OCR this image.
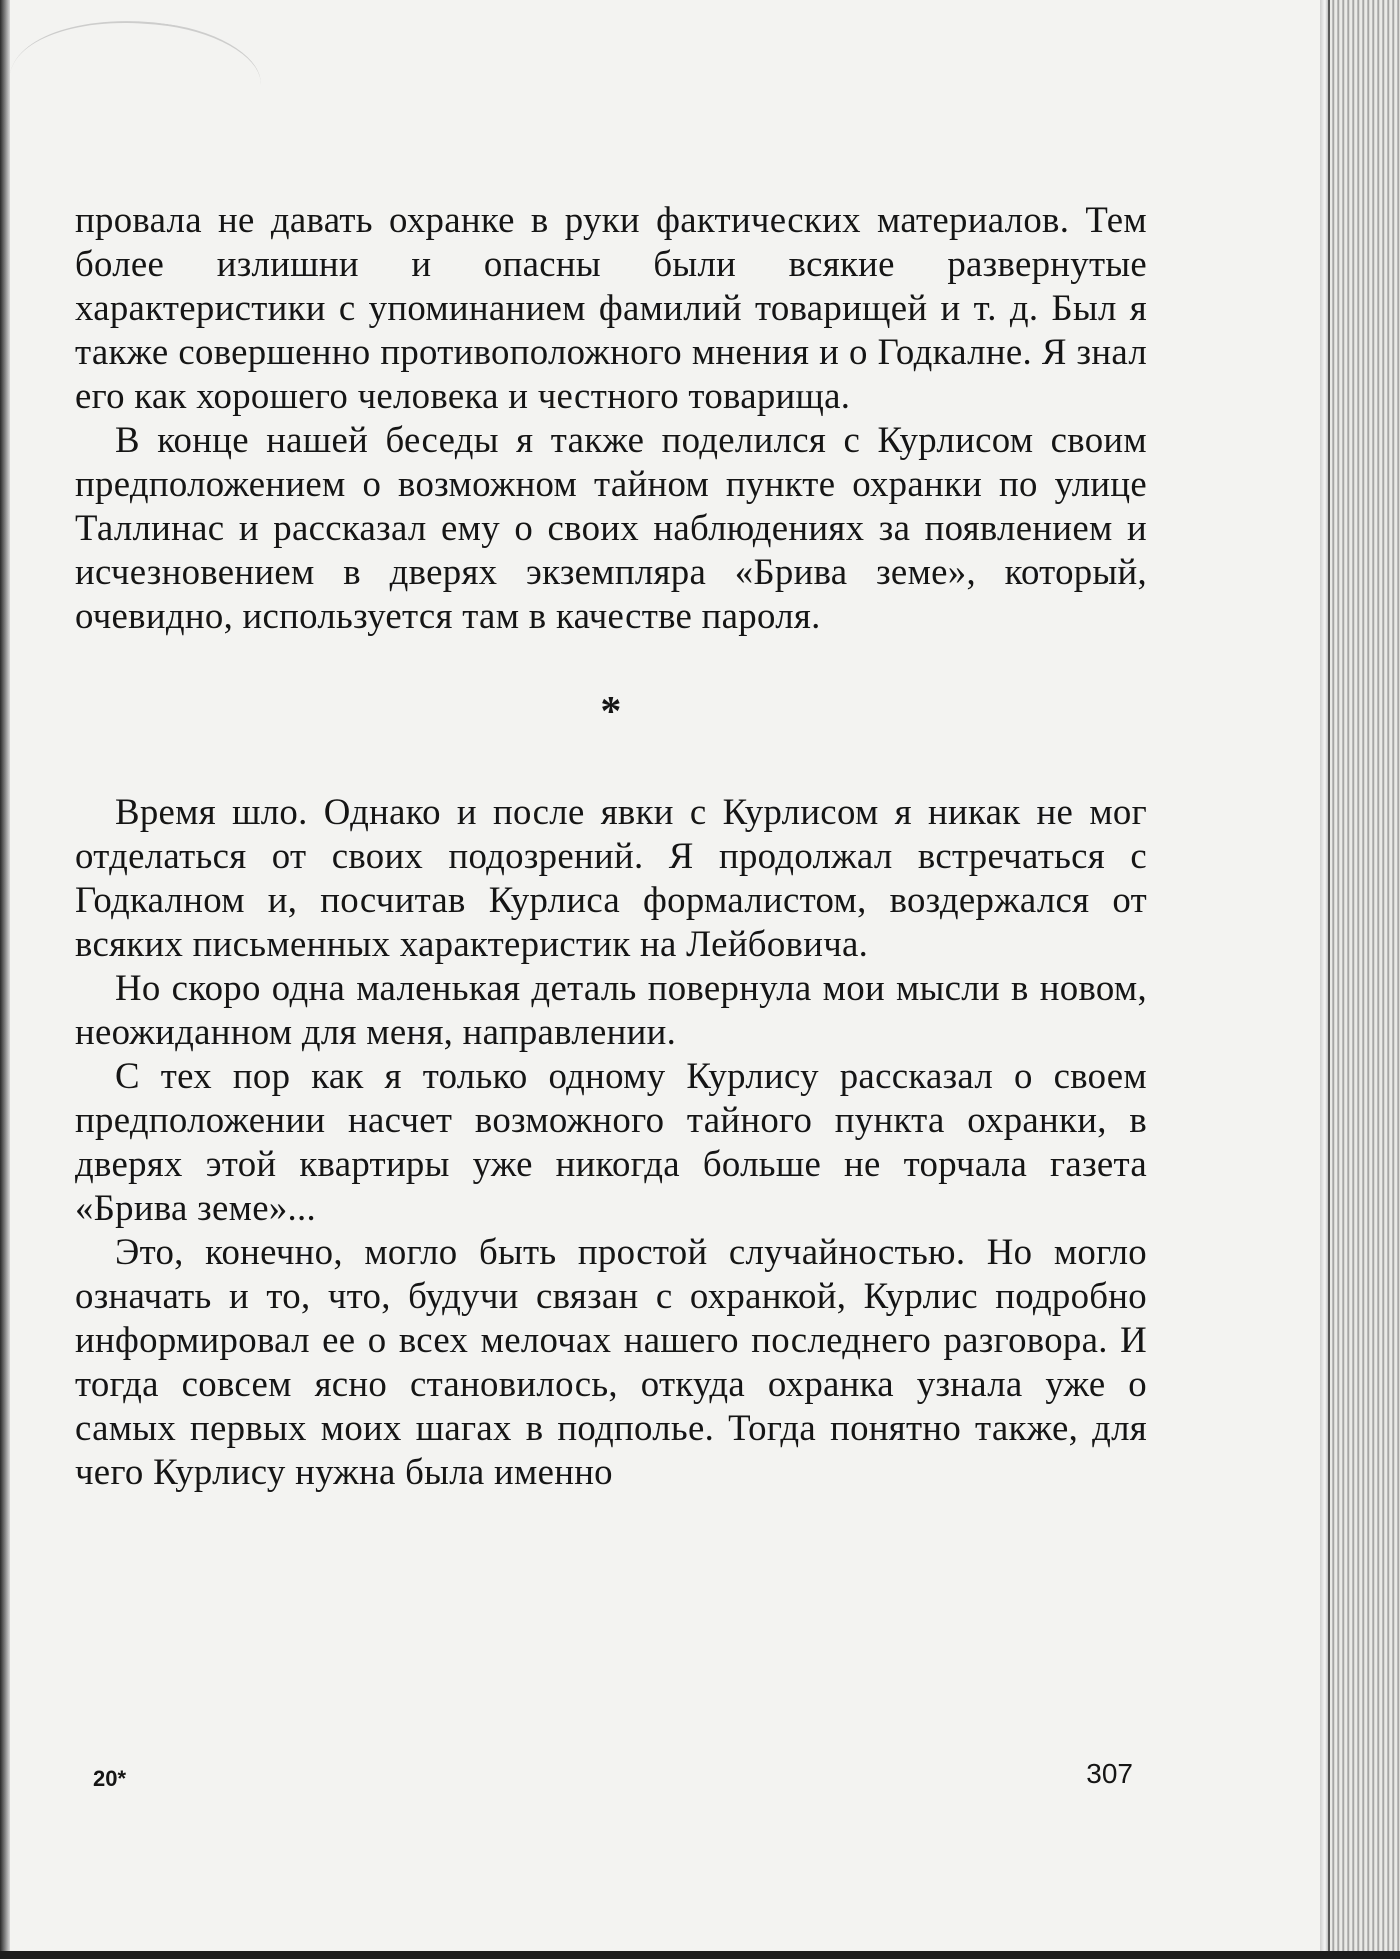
провала не давать охранке в руки фактических материалов. Тем более излишни и опасны были всякие развернутые характеристики с упоминанием фамилий товарищей и т. д. Был я также совершенно противоположного мнения и о Годкалне. Я знал его как хорошего человека и честного товарища.

В конце нашей беседы я также поделился с Курлисом своим предположением о возможном тайном пункте охранки по улице Таллинас и рассказал ему о своих наблюдениях за появлением и исчезновением в дверях экземпляра «Брива земе», который, очевидно, используется там в качестве пароля.

*

Время шло. Однако и после явки с Курлисом я никак не мог отделаться от своих подозрений. Я продолжал встречаться с Годкалном и, посчитав Курлиса формалистом, воздержался от всяких письменных характеристик на Лейбовича.

Но скоро одна маленькая деталь повернула мои мысли в новом, неожиданном для меня, направлении.

С тех пор как я только одному Курлису рассказал о своем предположении насчет возможного тайного пункта охранки, в дверях этой квартиры уже никогда больше не торчала газета «Брива земе»...

Это, конечно, могло быть простой случайностью. Но могло означать и то, что, будучи связан с охранкой, Курлис подробно информировал ее о всех мелочах нашего последнего разговора. И тогда совсем ясно становилось, откуда охранка узнала уже о самых первых моих шагах в подполье. Тогда понятно также, для чего Курлису нужна была именно

20*	307
